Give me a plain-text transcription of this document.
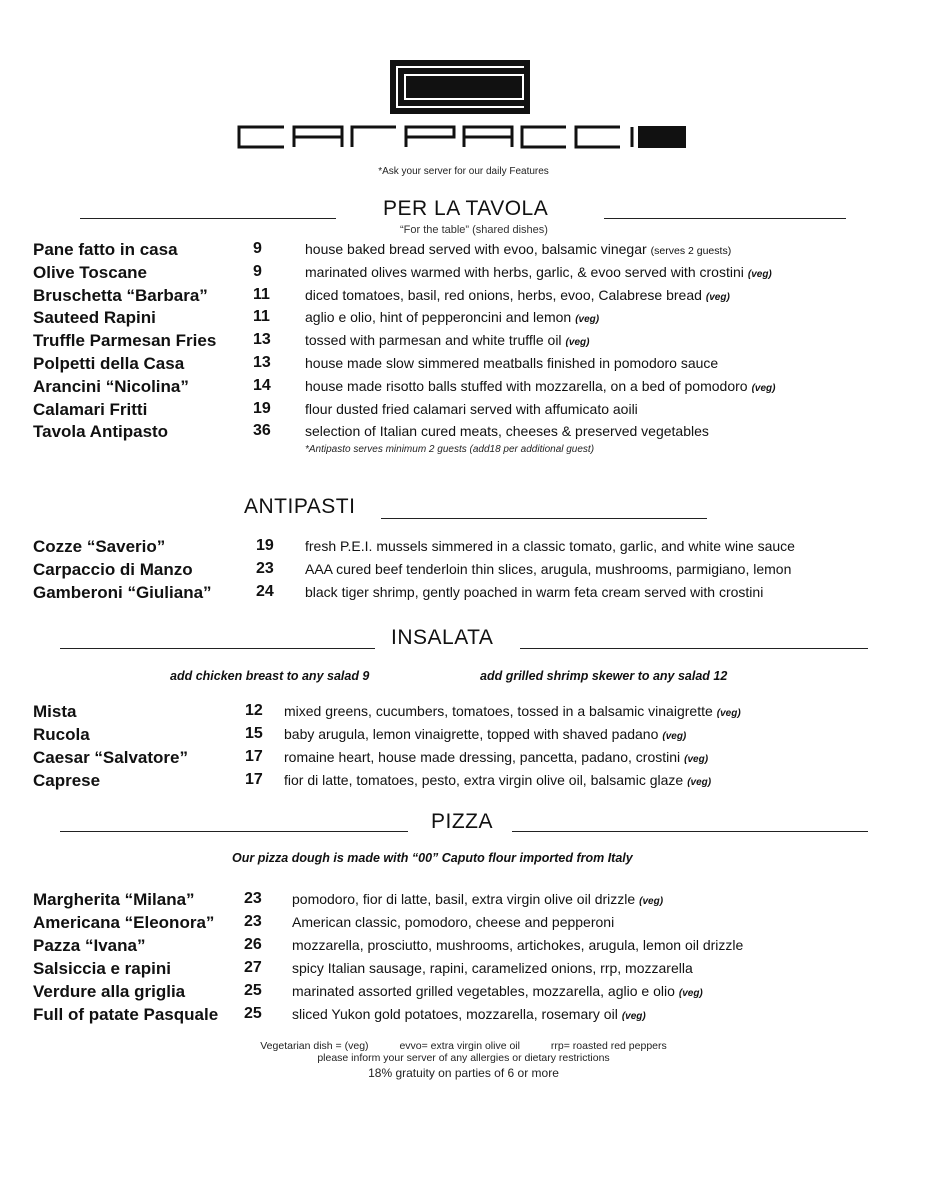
*Ask your server for our daily Features
PER LA TAVOLA
“For the table” (shared dishes)
Pane fatto in casa	9	house baked bread served with evoo, balsamic vinegar (serves 2 guests)
Olive Toscane	9	marinated olives warmed with herbs, garlic, & evoo served with crostini (veg)
Bruschetta “Barbara”	11	diced tomatoes, basil, red onions, herbs, evoo, Calabrese bread (veg)
Sauteed Rapini	11	aglio e olio, hint of pepperoncini and lemon (veg)
Truffle Parmesan Fries 13 tossed with parmesan and white truffle oil (veg)
Polpetti della Casa	13 house made slow simmered meatballs finished in pomodoro sauce
Arancini “Nicolina”	14 house made risotto balls stuffed with mozzarella, on a bed of pomodoro (veg)
Calamari Fritti	19 flour dusted fried calamari served with affumicato aoili
Tavola Antipasto	36 selection of Italian cured meats, cheeses & preserved vegetables
*Antipasto serves minimum 2 guests (add18 per additional guest)
ANTIPASTI
Cozze “Saverio”	19 fresh P.E.I. mussels simmered in a classic tomato, garlic, and white wine sauce
Carpaccio di Manzo	23 AAA cured beef tenderloin thin slices, arugula, mushrooms, parmigiano, lemon
Gamberoni “Giuliana”	24 black tiger shrimp, gently poached in warm feta cream served with crostini
INSALATA
add chicken breast to any salad 9	add grilled shrimp skewer to any salad 12
Mista	12 mixed greens, cucumbers, tomatoes, tossed in a balsamic vinaigrette (veg)
Rucola	15 baby arugula, lemon vinaigrette, topped with shaved padano (veg)
Caesar “Salvatore”	17 romaine heart, house made dressing, pancetta, padano, crostini (veg)
Caprese	17 fior di latte, tomatoes, pesto, extra virgin olive oil, balsamic glaze (veg)
PIZZA
Our pizza dough is made with “00” Caputo flour imported from Italy
Margherita “Milana”	23 pomodoro, fior di latte, basil, extra virgin olive oil drizzle (veg)
Americana “Eleonora” 23 American classic, pomodoro, cheese and pepperoni
Pazza “Ivana”	26 mozzarella, prosciutto, mushrooms, artichokes, arugula, lemon oil drizzle
Salsiccia e rapini	27 spicy Italian sausage, rapini, caramelized onions, rrp, mozzarella
Verdure alla griglia	25 marinated assorted grilled vegetables, mozzarella, aglio e olio (veg)
Full of patate Pasquale 25 sliced Yukon gold potatoes, mozzarella, rosemary oil (veg)
Vegetarian dish = (veg)	evvo= extra virgin olive oil	rrp= roasted red peppers
please inform your server of any allergies or dietary restrictions
18% gratuity on parties of 6 or more
